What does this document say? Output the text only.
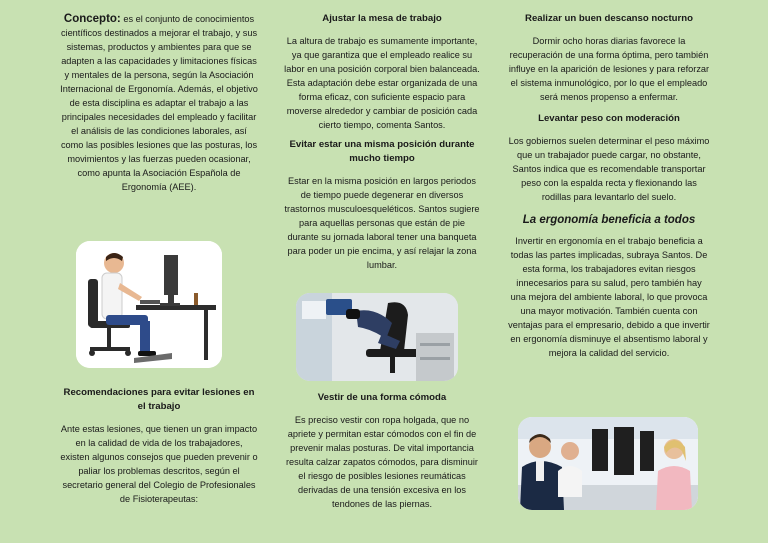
Concepto: es el conjunto de conocimientos científicos destinados a mejorar el trabajo, y sus sistemas, productos y ambientes para que se adapten a las capacidades y limitaciones físicas y mentales de la persona, según la Asociación Internacional de Ergonomía. Además, el objetivo de esta disciplina es adaptar el trabajo a las principales necesidades del empleado y facilitar el análisis de las condiciones laborales, así como las posibles lesiones que las posturas, los movimientos y las fuerzas pueden ocasionar, como apunta la Asociación Española de Ergonomía (AEE).

Recomendaciones para evitar lesiones en el trabajo

Ante estas lesiones, que tienen un gran impacto en la calidad de vida de los trabajadores, existen algunos consejos que pueden prevenir o paliar los problemas descritos, según el secretario general del Colegio de Profesionales de Fisioterapeutas:

Ajustar la mesa de trabajo

La altura de trabajo es sumamente importante, ya que garantiza que el empleado realice su labor en una posición corporal bien balanceada. Esta adaptación debe estar organizada de una forma eficaz, con suficiente espacio para moverse alrededor y cambiar de posición cada cierto tiempo, comenta Santos.

Evitar estar una misma posición durante mucho tiempo

Estar en la misma posición en largos periodos de tiempo puede degenerar en diversos trastornos musculoesqueléticos. Santos sugiere para aquellas personas que están de pie durante su jornada laboral tener una banqueta para poder un pie encima, y así relajar la zona lumbar.

Vestir de una forma cómoda

Es preciso vestir con ropa holgada, que no apriete y permitan estar cómodos con el fin de prevenir malas posturas. De vital importancia resulta calzar zapatos cómodos, para disminuir el riesgo de posibles lesiones reumáticas derivadas de una tensión excesiva en los tendones de las piernas.

Realizar un buen descanso nocturno

Dormir ocho horas diarias favorece la recuperación de una forma óptima, pero también influye en la aparición de lesiones y para reforzar el sistema inmunológico, por lo que el empleado será menos propenso a enfermar.

Levantar peso con moderación

Los gobiernos suelen determinar el peso máximo que un trabajador puede cargar, no obstante, Santos indica que es recomendable transportar peso con la espalda recta y flexionando las rodillas para levantarlo del suelo.

La ergonomía beneficia a todos

Invertir en ergonomía en el trabajo beneficia a todas las partes implicadas, subraya Santos. De esta forma, los trabajadores evitan riesgos innecesarios para su salud, pero también hay una mejora del ambiente laboral, lo que provoca una mayor motivación. También cuenta con ventajas para el empresario, debido a que invertir en ergonomía disminuye el absentismo laboral y mejora la calidad del servicio.
